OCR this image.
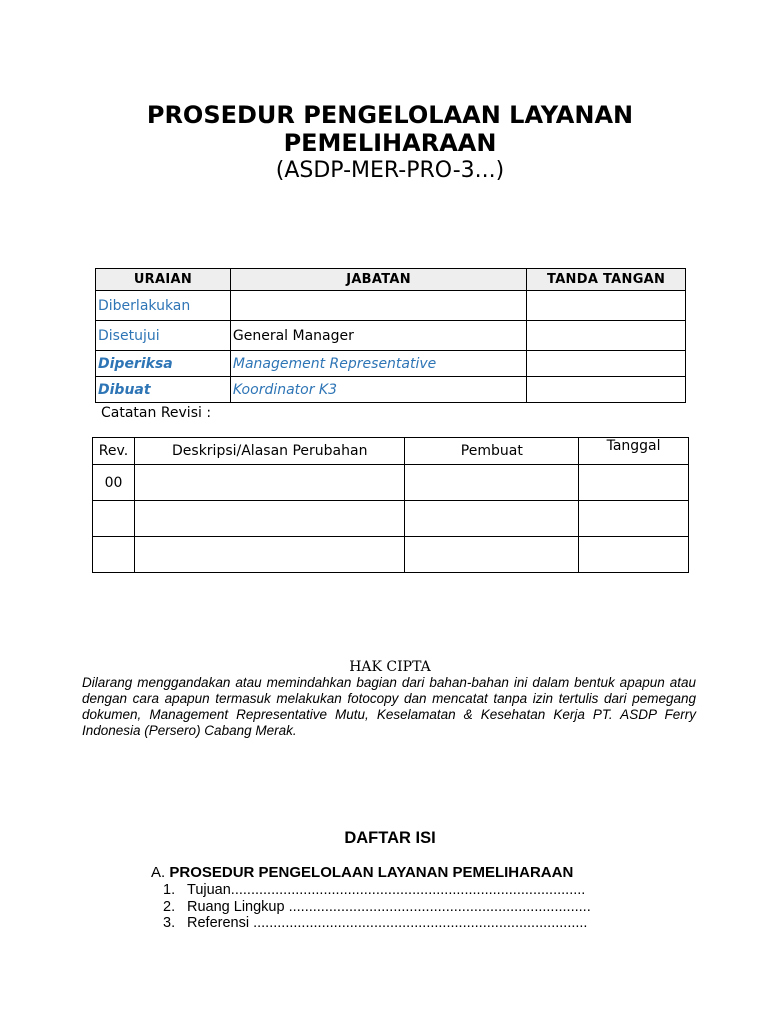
PROSEDUR PENGELOLAAN LAYANAN
PEMELIHARAAN
(ASDP-MER-PRO-3...)
URAIAN	JABATAN	TANDA TANGAN
Diberlakukan		
Disetujui	General Manager	
Diperiksa	Management Representative	
Dibuat	Koordinator K3	
Catatan Revisi :
Rev.	Deskripsi/Alasan Perubahan	Pembuat	Tanggal
00			

HAK CIPTA
Dilarang menggandakan atau memindahkan bagian dari bahan-bahan ini dalam bentuk apapun atau dengan cara apapun termasuk melakukan fotocopy dan mencatat tanpa izin tertulis dari pemegang dokumen, Management Representative Mutu, Keselamatan & Kesehatan Kerja PT. ASDP Ferry Indonesia (Persero) Cabang Merak.
DAFTAR ISI
A. PROSEDUR PENGELOLAAN LAYANAN PEMELIHARAAN
1. Tujuan........................................................................................
2. Ruang Lingkup ...........................................................................
3. Referensi ...................................................................................
